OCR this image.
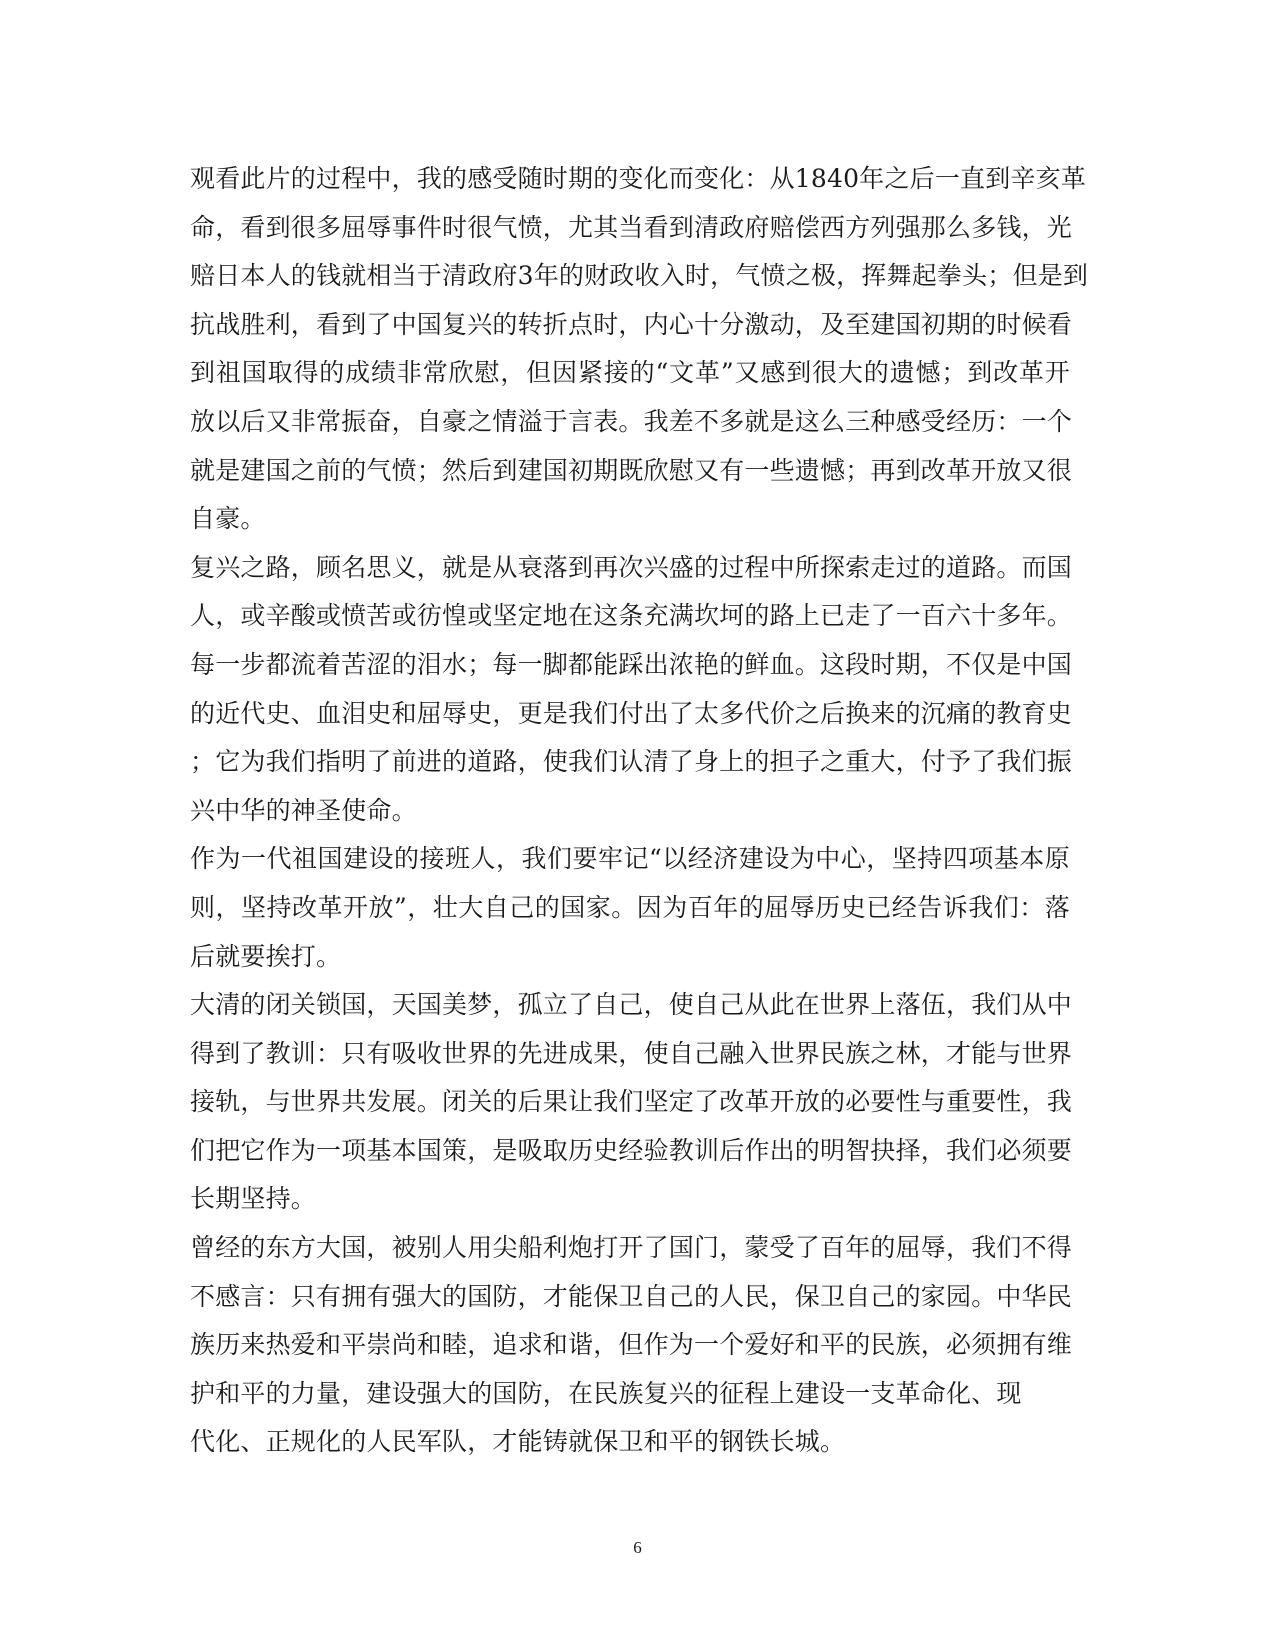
观看此片的过程中，我的感受随时期的变化而变化：从1840年之后一直到辛亥革
命，看到很多屈辱事件时很气愤，尤其当看到清政府赔偿西方列强那么多钱，光
赔日本人的钱就相当于清政府3年的财政收入时，气愤之极，挥舞起拳头；但是到
抗战胜利，看到了中国复兴的转折点时，内心十分激动，及至建国初期的时候看
到祖国取得的成绩非常欣慰，但因紧接的“文革”又感到很大的遗憾；到改革开
放以后又非常振奋，自豪之情溢于言表。我差不多就是这么三种感受经历：一个
就是建国之前的气愤；然后到建国初期既欣慰又有一些遗憾；再到改革开放又很
自豪。
复兴之路，顾名思义，就是从衰落到再次兴盛的过程中所探索走过的道路。而国
人，或辛酸或愤苦或彷惶或坚定地在这条充满坎坷的路上已走了一百六十多年。
每一步都流着苦涩的泪水；每一脚都能踩出浓艳的鲜血。这段时期，不仅是中国
的近代史、血泪史和屈辱史，更是我们付出了太多代价之后换来的沉痛的教育史
；它为我们指明了前进的道路，使我们认清了身上的担子之重大，付予了我们振
兴中华的神圣使命。
作为一代祖国建设的接班人，我们要牢记“以经济建设为中心，坚持四项基本原
则，坚持改革开放”，壮大自己的国家。因为百年的屈辱历史已经告诉我们：落
后就要挨打。
大清的闭关锁国，天国美梦，孤立了自己，使自己从此在世界上落伍，我们从中
得到了教训：只有吸收世界的先进成果，使自己融入世界民族之林，才能与世界
接轨，与世界共发展。闭关的后果让我们坚定了改革开放的必要性与重要性，我
们把它作为一项基本国策，是吸取历史经验教训后作出的明智抉择，我们必须要
长期坚持。
曾经的东方大国，被别人用尖船利炮打开了国门，蒙受了百年的屈辱，我们不得
不感言：只有拥有强大的国防，才能保卫自己的人民，保卫自己的家园。中华民
族历来热爱和平崇尚和睦，追求和谐，但作为一个爱好和平的民族，必须拥有维
护和平的力量，建设强大的国防，在民族复兴的征程上建设一支革命化、现
代化、正规化的人民军队，才能铸就保卫和平的钢铁长城。
6
